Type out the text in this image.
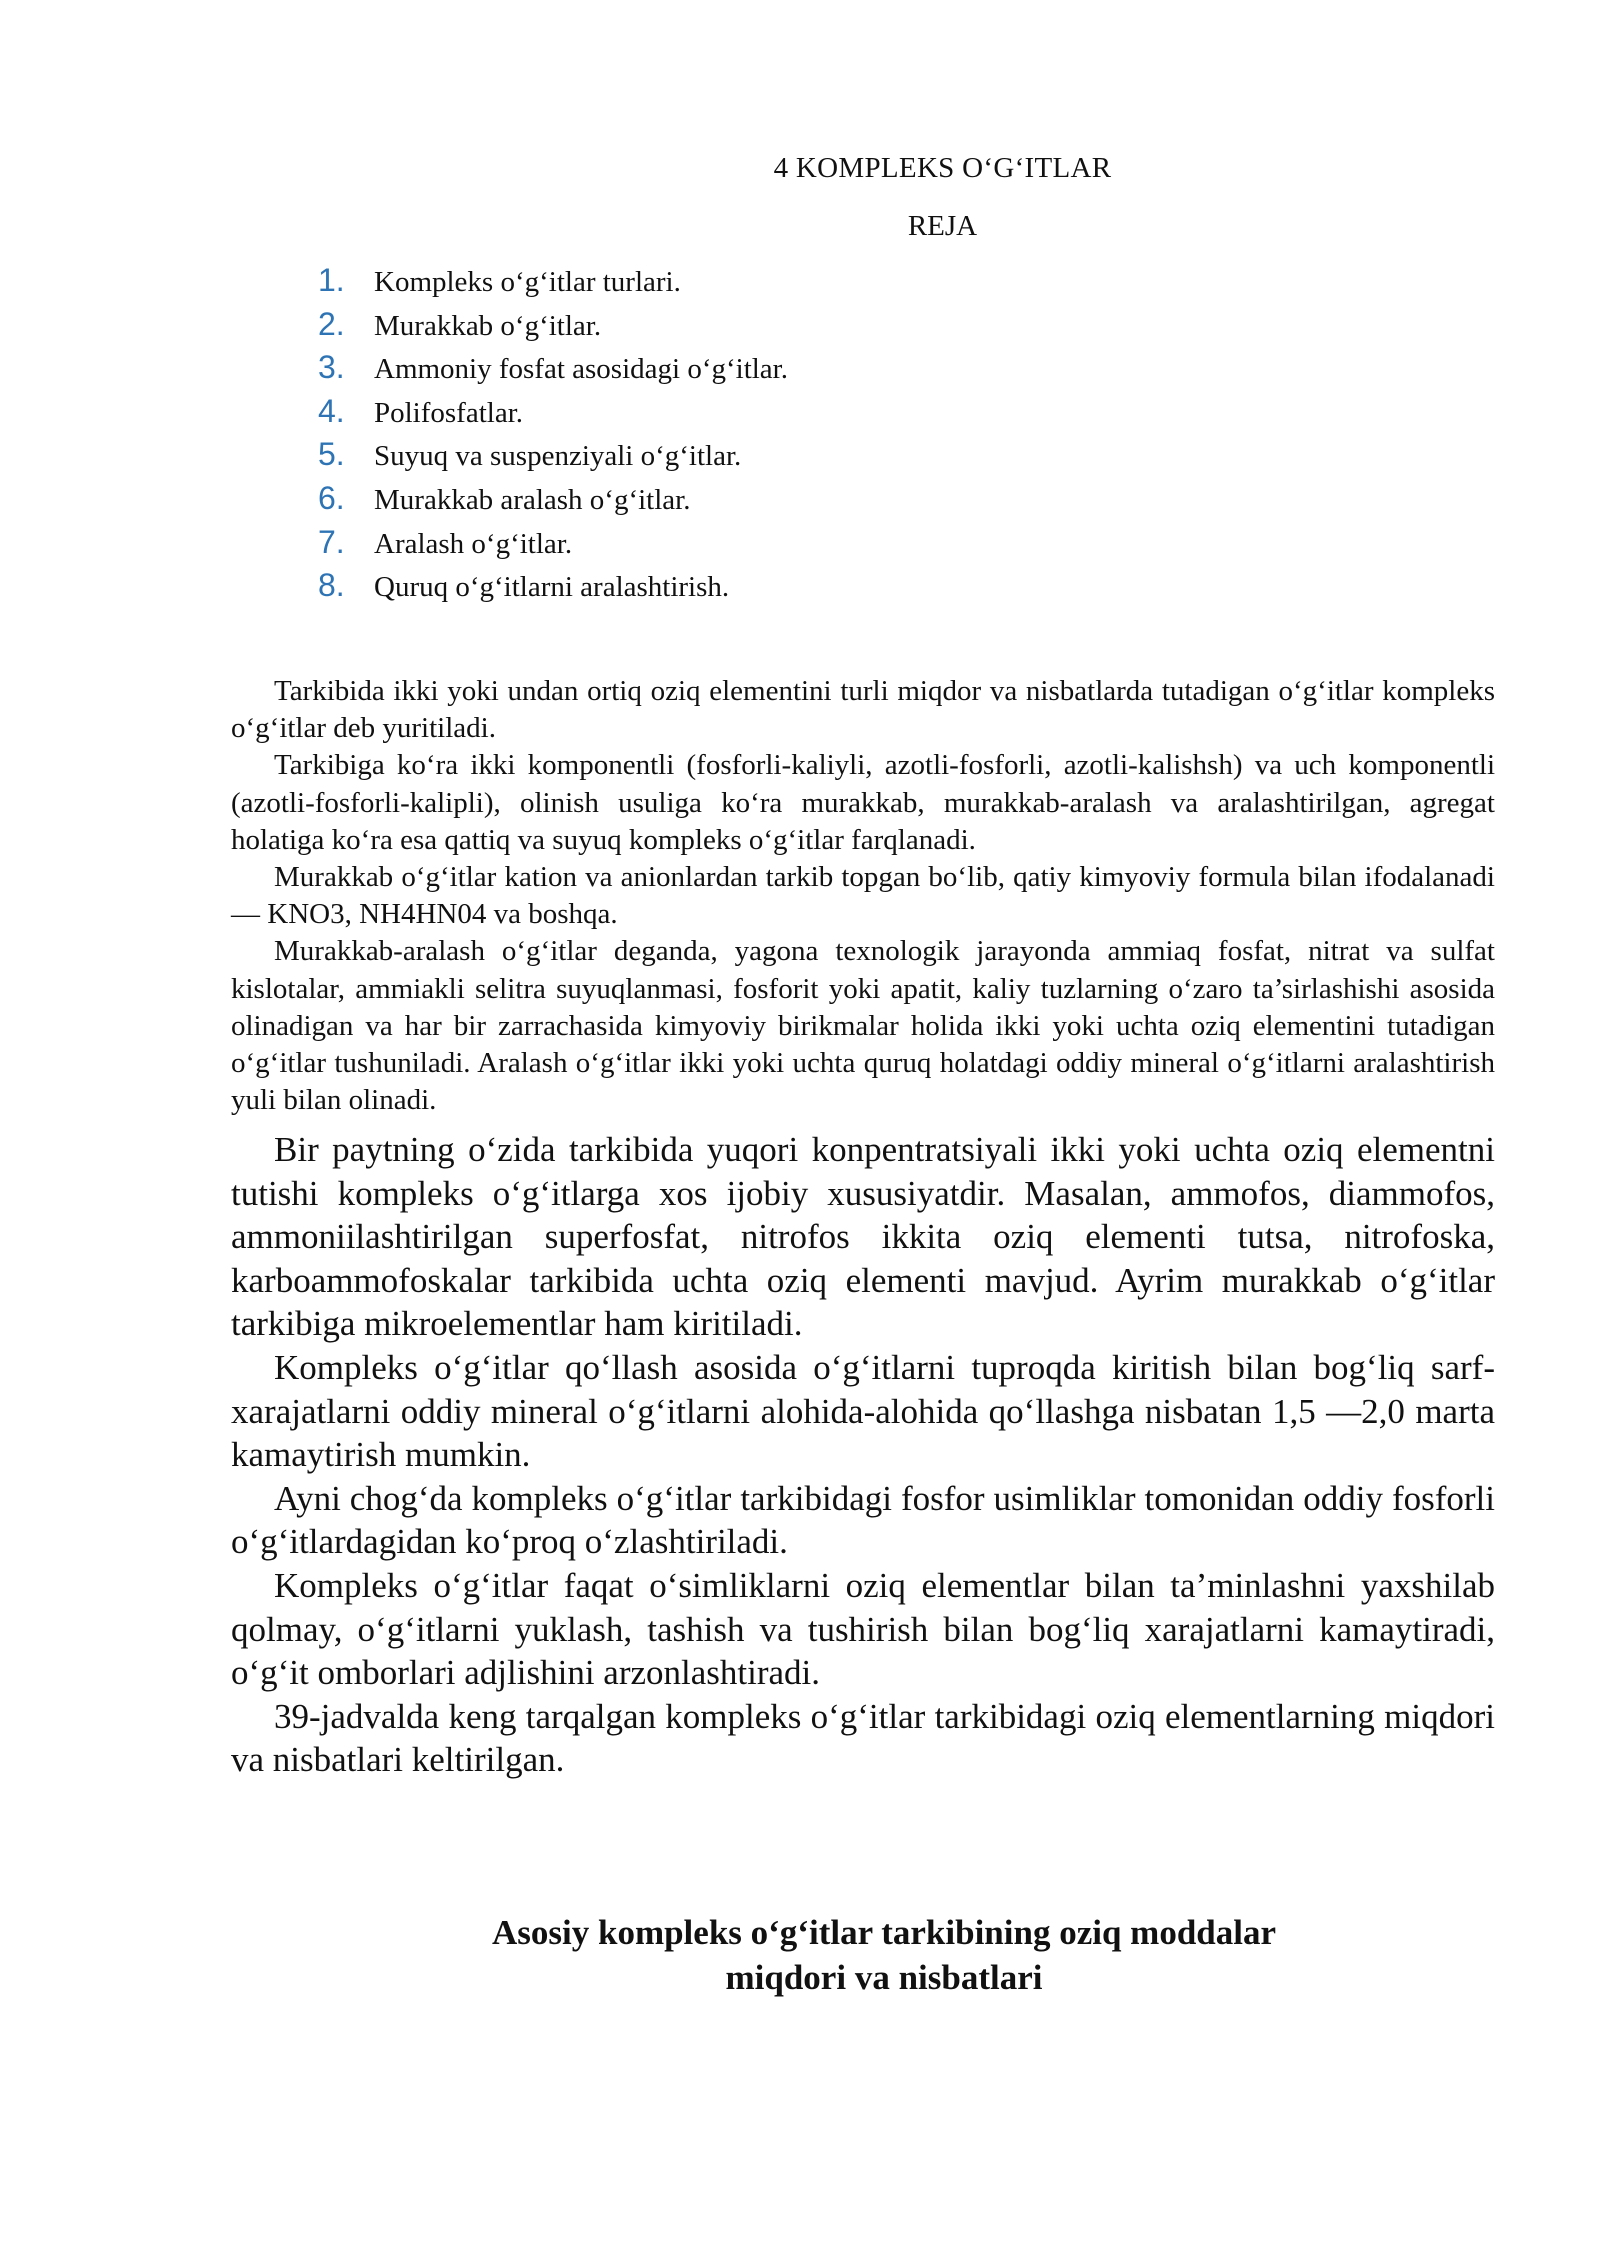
4 KOMPLEKS O‘G‘ITLAR
REJA
1.	Kompleks o‘g‘itlar turlari.
2.	Murakkab o‘g‘itlar.
3.	Ammoniy fosfat asosidagi o‘g‘itlar.
4.	Polifosfatlar.
5.	Suyuq va suspenziyali o‘g‘itlar.
6.	Murakkab aralash o‘g‘itlar.
7.	Aralash o‘g‘itlar.
8.	Quruq o‘g‘itlarni aralashtirish.

Tarkibida ikki yoki undan ortiq oziq elementini turli miqdor va nisbatlarda tutadigan o‘g‘itlar kompleks o‘g‘itlar deb yuritiladi.

Tarkibiga ko‘ra ikki komponentli (fosforli-kaliyli, azotli-fosforli, azotli-kalishsh) va uch komponentli (azotli-fosforli-kalipli), olinish usuliga ko‘ra murakkab, murakkab-aralash va aralashtirilgan, agregat holatiga ko‘ra esa qattiq va suyuq kompleks o‘g‘itlar farqlanadi.

Murakkab o‘g‘itlar kation va anionlardan tarkib topgan bo‘lib, qatiy kimyoviy formula bilan ifodalanadi— KNO3, NH4HN04 va boshqa.

Murakkab-aralash o‘g‘itlar deganda, yagona texnologik jarayonda ammiaq fosfat, nitrat va sulfat kislotalar, ammiakli selitra suyuqlanmasi, fosforit yoki apatit, kaliy tuzlarning o‘zaro ta’sirlashishi asosida olinadigan va har bir zarrachasida kimyoviy birikmalar holida ikki yoki uchta oziq elementini tutadigan o‘g‘itlar tushuniladi. Aralash o‘g‘itlar ikki yoki uchta quruq holatdagi oddiy mineral o‘g‘itlarni aralashtirish yuli bilan olinadi.

Bir paytning o‘zida tarkibida yuqori konpentratsiyali ikki yoki uchta oziq elementni tutishi kompleks o‘g‘itlarga xos ijobiy xususiyatdir. Masalan, ammofos, diammofos, ammoniilashtirilgan superfosfat, nitrofos ikkita oziq elementi tutsa, nitrofoska, karboammofoskalar tarkibida uchta oziq elementi mavjud. Ayrim murakkab o‘g‘itlar tarkibiga mikroelementlar ham kiritiladi.

Kompleks o‘g‘itlar qo‘llash asosida o‘g‘itlarni tuproqda kiritish bilan bog‘liq sarf-xarajatlarni oddiy mineral o‘g‘itlarni alohida-alohida qo‘llashga nisbatan 1,5 —2,0 marta kamaytirish mumkin.

Ayni chog‘da kompleks o‘g‘itlar tarkibidagi fosfor usimliklar tomonidan oddiy fosforli o‘g‘itlardagidan ko‘proq o‘zlashtiriladi.

Kompleks o‘g‘itlar faqat o‘simliklarni oziq elementlar bilan ta’minlashni yaxshilab qolmay, o‘g‘itlarni yuklash, tashish va tushirish bilan bog‘liq xarajatlarni kamaytiradi, o‘g‘it omborlari adjlishini arzonlashtiradi.

39-jadvalda keng tarqalgan kompleks o‘g‘itlar tarkibidagi oziq elementlarning miqdori va nisbatlari keltirilgan.

Asosiy kompleks o‘g‘itlar tarkibining oziq moddalar
miqdori va nisbatlari
